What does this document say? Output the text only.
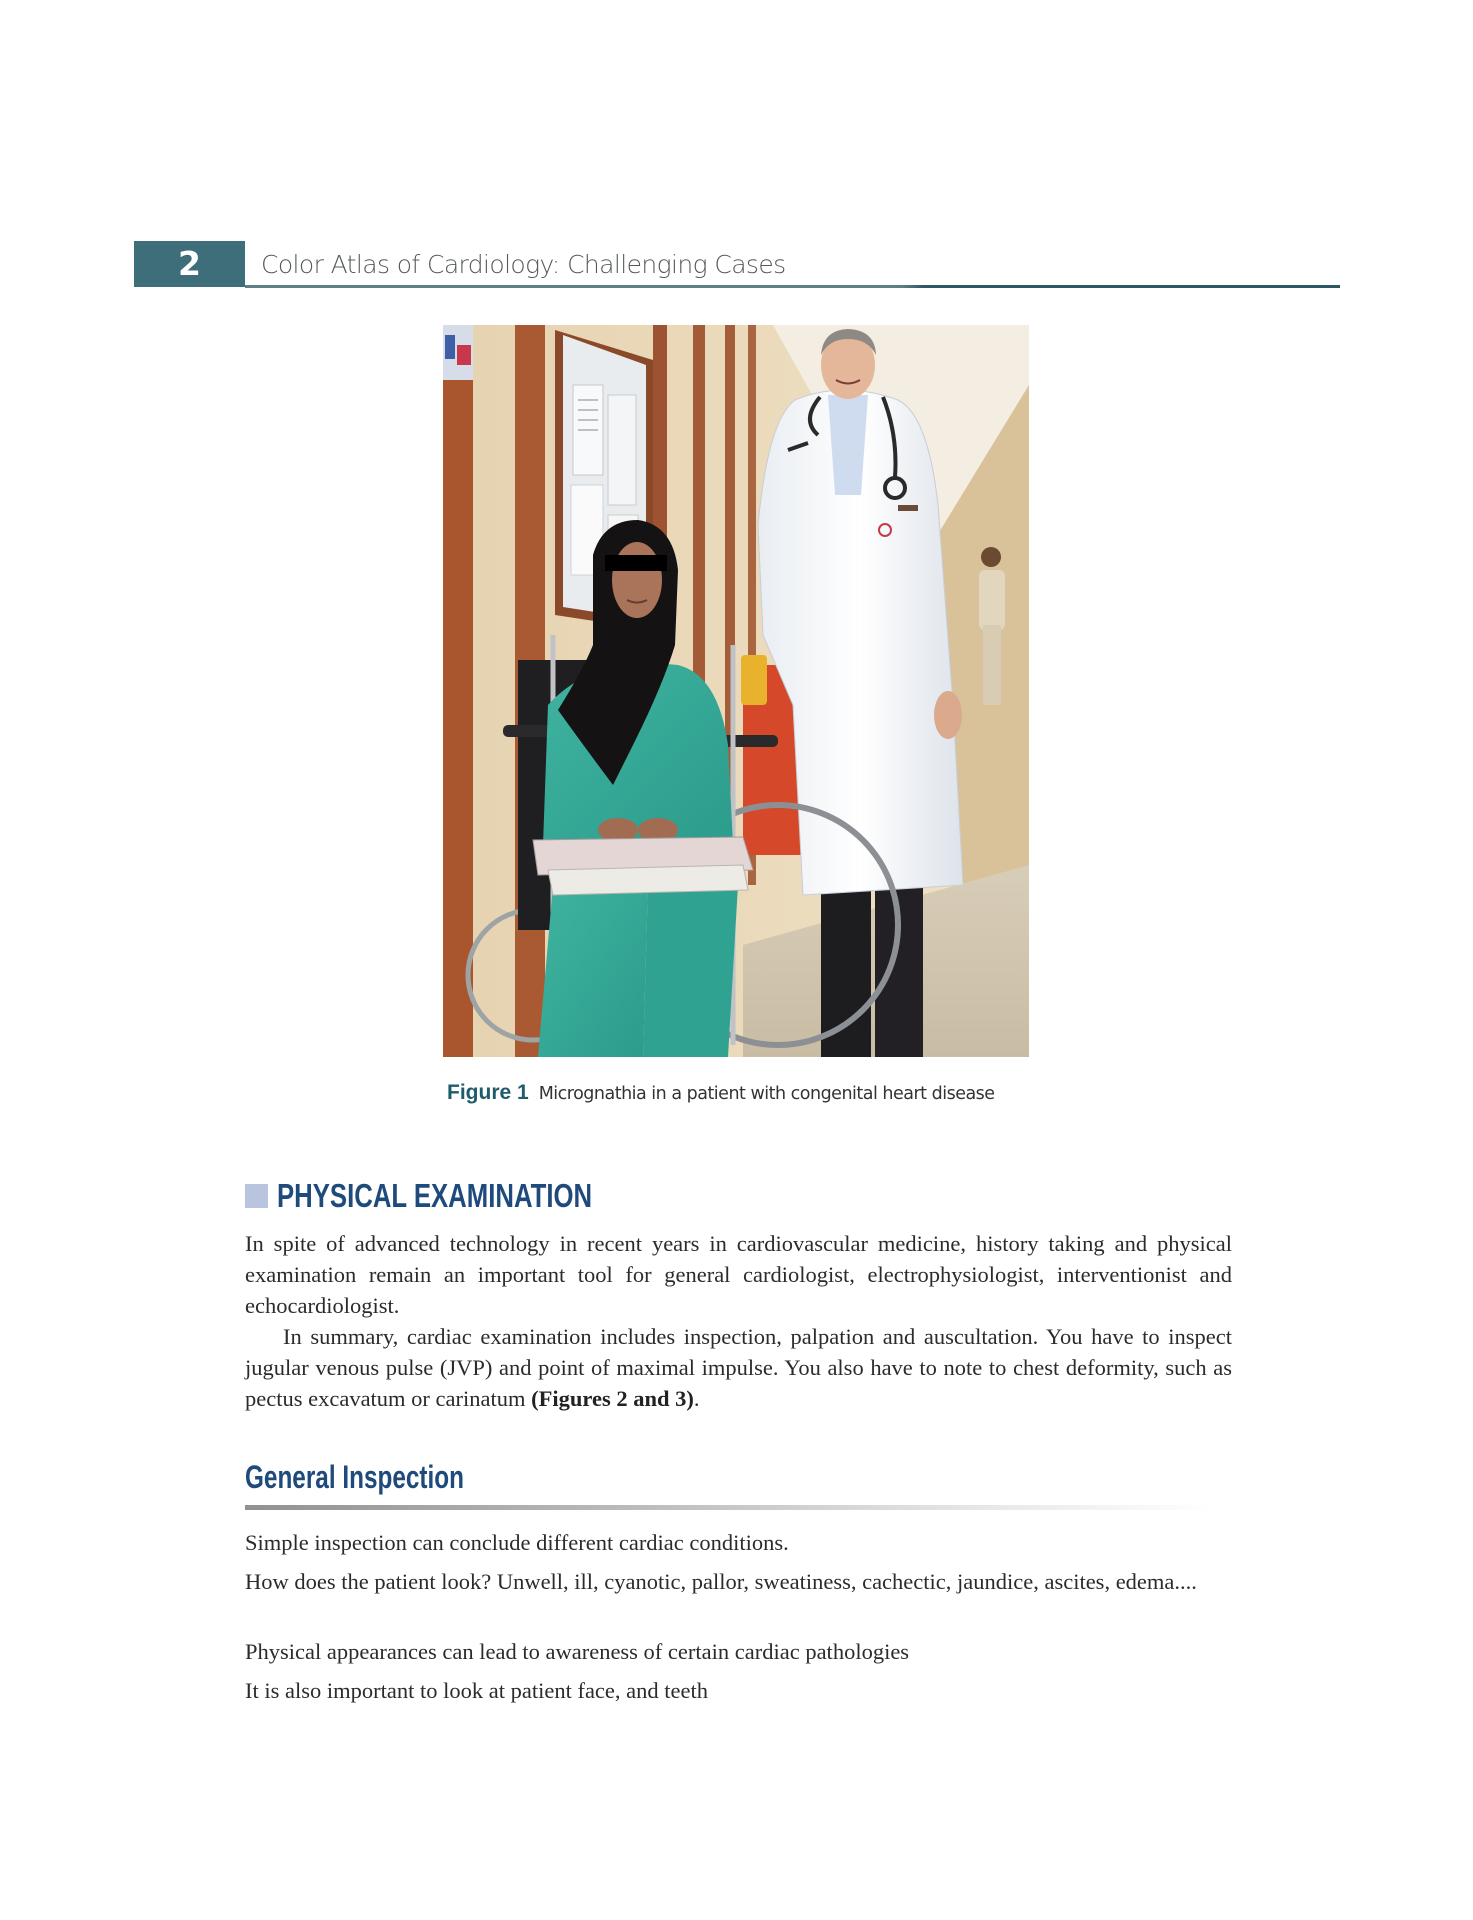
2	Color Atlas of Cardiology: Challenging Cases
Figure 1 Micrognathia in a patient with congenital heart disease
PHYSICAL EXAMINATION

In spite of advanced technology in recent years in cardiovascular medicine, history taking and physical examination remain an important tool for general cardiologist, electrophysiologist, interventionist and echocardiologist.

In summary, cardiac examination includes inspection, palpation and auscultation. You have to inspect jugular venous pulse (JVP) and point of maximal impulse. You also have to note to chest deformity, such as pectus excavatum or carinatum (Figures 2 and 3).

General Inspection

Simple inspection can conclude different cardiac conditions.

How does the patient look? Unwell, ill, cyanotic, pallor, sweatiness, cachectic, jaundice, ascites, edema....

Physical appearances can lead to awareness of certain cardiac pathologies

It is also important to look at patient face, and teeth
